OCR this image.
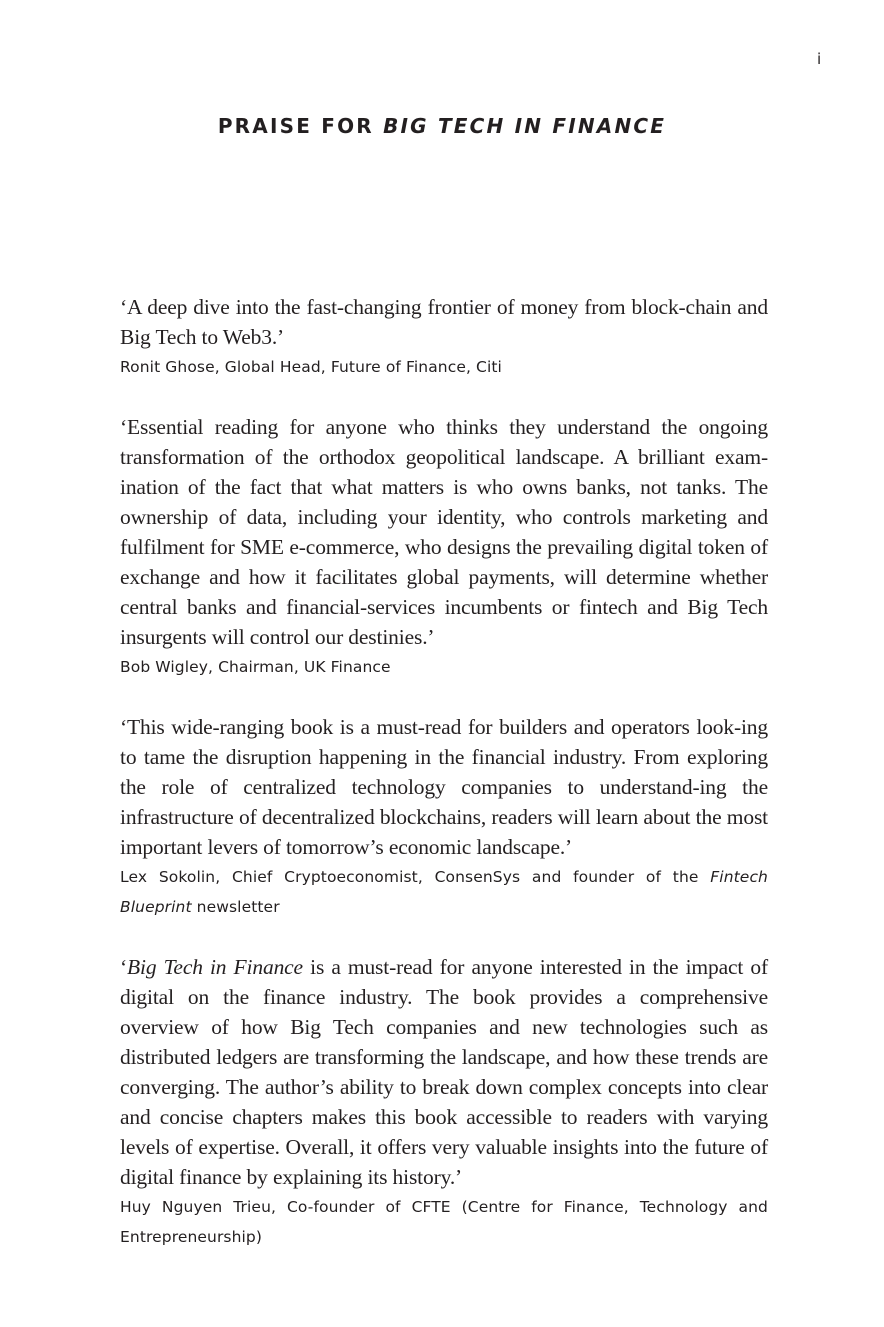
i
PRAISE FOR BIG TECH IN FINANCE

‘A deep dive into the fast-changing frontier of money from block-chain and Big Tech to Web3.’

Ronit Ghose, Global Head, Future of Finance, Citi

‘Essential reading for anyone who thinks they understand the ongoing transformation of the orthodox geopolitical landscape. A brilliant exam-ination of the fact that what matters is who owns banks, not tanks. The ownership of data, including your identity, who controls marketing and fulfilment for SME e-commerce, who designs the prevailing digital token of exchange and how it facilitates global payments, will determine whether central banks and financial-services incumbents or fintech and Big Tech insurgents will control our destinies.’

Bob Wigley, Chairman, UK Finance

‘This wide-ranging book is a must-read for builders and operators look-ing to tame the disruption happening in the financial industry. From exploring the role of centralized technology companies to understand-ing the infrastructure of decentralized blockchains, readers will learn about the most important levers of tomorrow’s economic landscape.’

Lex Sokolin, Chief Cryptoeconomist, ConsenSys and founder of the Fintech Blueprint newsletter

‘Big Tech in Finance is a must-read for anyone interested in the impact of digital on the finance industry. The book provides a comprehensive overview of how Big Tech companies and new technologies such as distributed ledgers are transforming the landscape, and how these trends are converging. The author’s ability to break down complex concepts into clear and concise chapters makes this book accessible to readers with varying levels of expertise. Overall, it offers very valuable insights into the future of digital finance by explaining its history.’

Huy Nguyen Trieu, Co-founder of CFTE (Centre for Finance, Technology and Entrepreneurship)
